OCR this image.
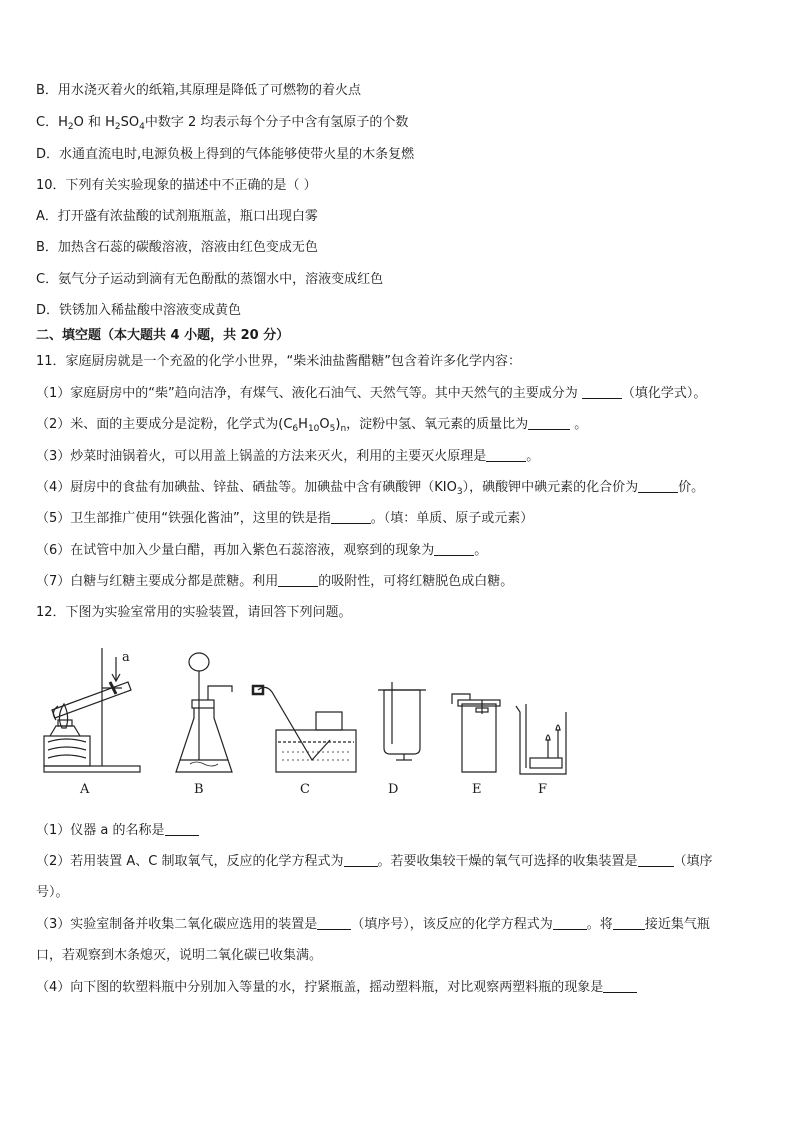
B．用水浇灭着火的纸箱,其原理是降低了可燃物的着火点
C．$H_2O$ 和 $H_2SO_4$中数字 2 均表示每个分子中含有氢原子的个数
D．水通直流电时,电源负极上得到的气体能够使带火星的木条复燃
10．下列有关实验现象的描述中不正确的是（ ）
A．打开盛有浓盐酸的试剂瓶瓶盖，瓶口出现白雾
B．加热含石蕊的碳酸溶液，溶液由红色变成无色
C．氨气分子运动到滴有无色酚酞的蒸馏水中，溶液变成红色
D．铁锈加入稀盐酸中溶液变成黄色
二、填空题（本大题共 4 小题，共 20 分）
11．家庭厨房就是一个充盈的化学小世界，“柴米油盐酱醋糖”包含着许多化学内容：
（1）家庭厨房中的“柴”趋向洁净，有煤气、液化石油气、天然气等。其中天然气的主要成分为	（填化学式）。
（2）米、面的主要成分是淀粉，化学式为$(C_6H_{10}O_5)_n$，淀粉中氢、氧元素的质量比为	。
（3）炒菜时油锅着火，可以用盖上锅盖的方法来灭火，利用的主要灭火原理是	。
（4）厨房中的食盐有加碘盐、锌盐、硒盐等。加碘盐中含有碘酸钾$(KIO_3)$，碘酸钾中碘元素的化合价为	价。
（5）卫生部推广使用“铁强化酱油”，这里的铁是指	。（填：单质、原子或元素）
（6）在试管中加入少量白醋，再加入紫色石蕊溶液，观察到的现象为	。
（7）白糖与红糖主要成分都是蔗糖。利用	的吸附性，可将红糖脱色成白糖。
12．下图为实验室常用的实验装置，请回答下列问题。
a
A	B	C	D	E	F
（1）仪器 a 的名称是
（2）若用装置 A、C 制取氧气，反应的化学方程式为	。若要收集较干燥的氧气可选择的收集装置是	（填序
号）。
（3）实验室制备并收集二氧化碳应选用的装置是	（填序号），该反应的化学方程式为	。将 接近集气瓶
口，若观察到木条熄灭，说明二氧化碳已收集满。
（4）向下图的软塑料瓶中分别加入等量的水，拧紧瓶盖，摇动塑料瓶，对比观察两塑料瓶的现象是
